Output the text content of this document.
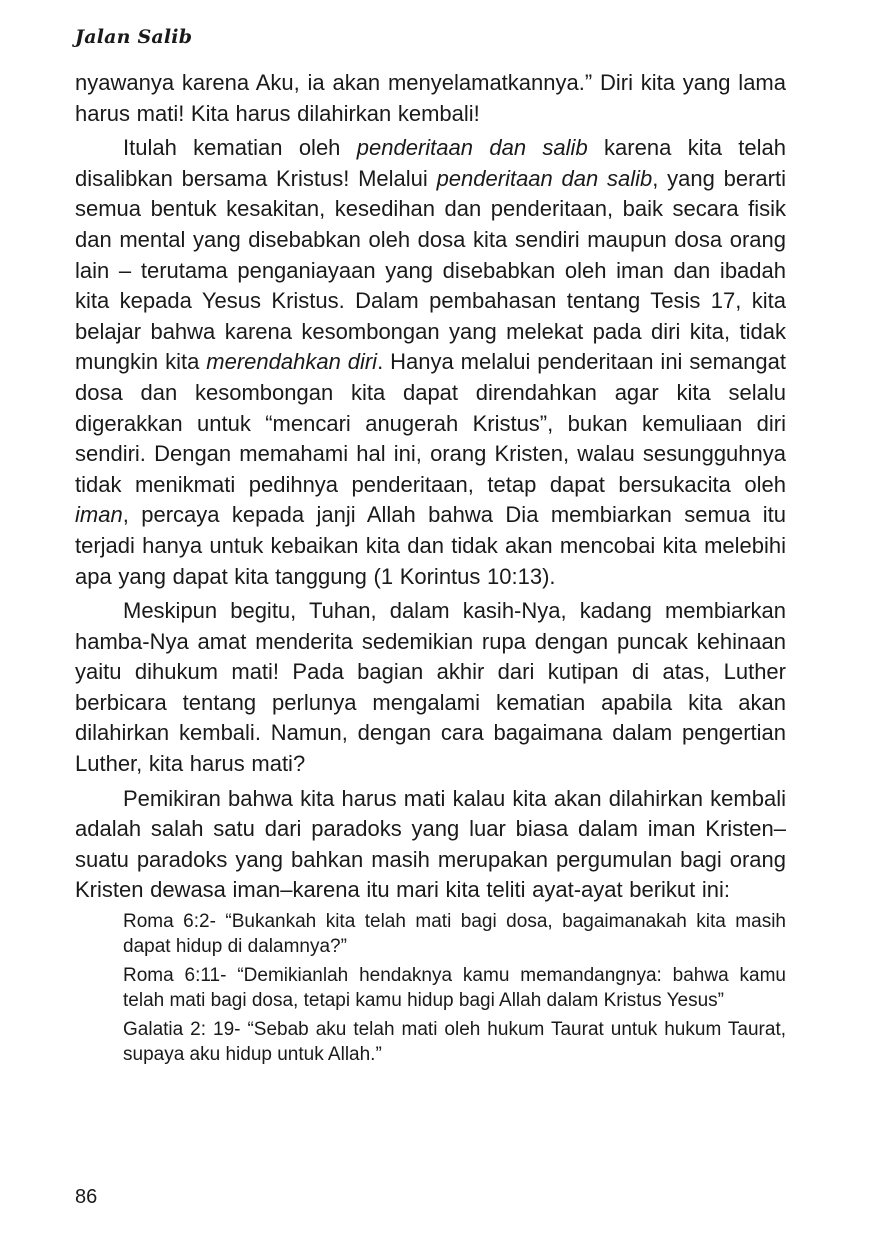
Jalan Salib

nyawanya karena Aku, ia akan menyelamatkannya.” Diri kita yang lama harus mati! Kita harus dilahirkan kembali!

Itulah kematian oleh penderitaan dan salib karena kita telah disalibkan bersama Kristus! Melalui penderitaan dan salib, yang berarti semua bentuk kesakitan, kesedihan dan penderitaan, baik secara fisik dan mental yang disebabkan oleh dosa kita sendiri maupun dosa orang lain – terutama penganiayaan yang disebabkan oleh iman dan ibadah kita kepada Yesus Kristus. Dalam pembahasan tentang Tesis 17, kita belajar bahwa karena kesombongan yang melekat pada diri kita, tidak mungkin kita merendahkan diri. Hanya melalui penderitaan ini semangat dosa dan kesombongan kita dapat direndahkan agar kita selalu digerakkan untuk “mencari anugerah Kristus”, bukan kemuliaan diri sendiri. Dengan memahami hal ini, orang Kristen, walau sesungguhnya tidak menikmati pedihnya penderitaan, tetap dapat bersukacita oleh iman, percaya kepada janji Allah bahwa Dia membiarkan semua itu terjadi hanya untuk kebaikan kita dan tidak akan mencobai kita melebihi apa yang dapat kita tanggung (1 Korintus 10:13).

Meskipun begitu, Tuhan, dalam kasih-Nya, kadang membiarkan hamba-Nya amat menderita sedemikian rupa dengan puncak kehinaan yaitu dihukum mati! Pada bagian akhir dari kutipan di atas, Luther berbicara tentang perlunya mengalami kematian apabila kita akan dilahirkan kembali. Namun, dengan cara bagaimana dalam pengertian Luther, kita harus mati?

Pemikiran bahwa kita harus mati kalau kita akan dilahirkan kembali adalah salah satu dari paradoks yang luar biasa dalam iman Kristen–suatu paradoks yang bahkan masih merupakan pergumulan bagi orang Kristen dewasa iman–karena itu mari kita teliti ayat-ayat berikut ini:

Roma 6:2- “Bukankah kita telah mati bagi dosa, bagaimanakah kita masih dapat hidup di dalamnya?”

Roma 6:11- “Demikianlah hendaknya kamu memandangnya: bahwa kamu telah mati bagi dosa, tetapi kamu hidup bagi Allah dalam Kristus Yesus”

Galatia 2: 19- “Sebab aku telah mati oleh hukum Taurat untuk hukum Taurat, supaya aku hidup untuk Allah.”

86
